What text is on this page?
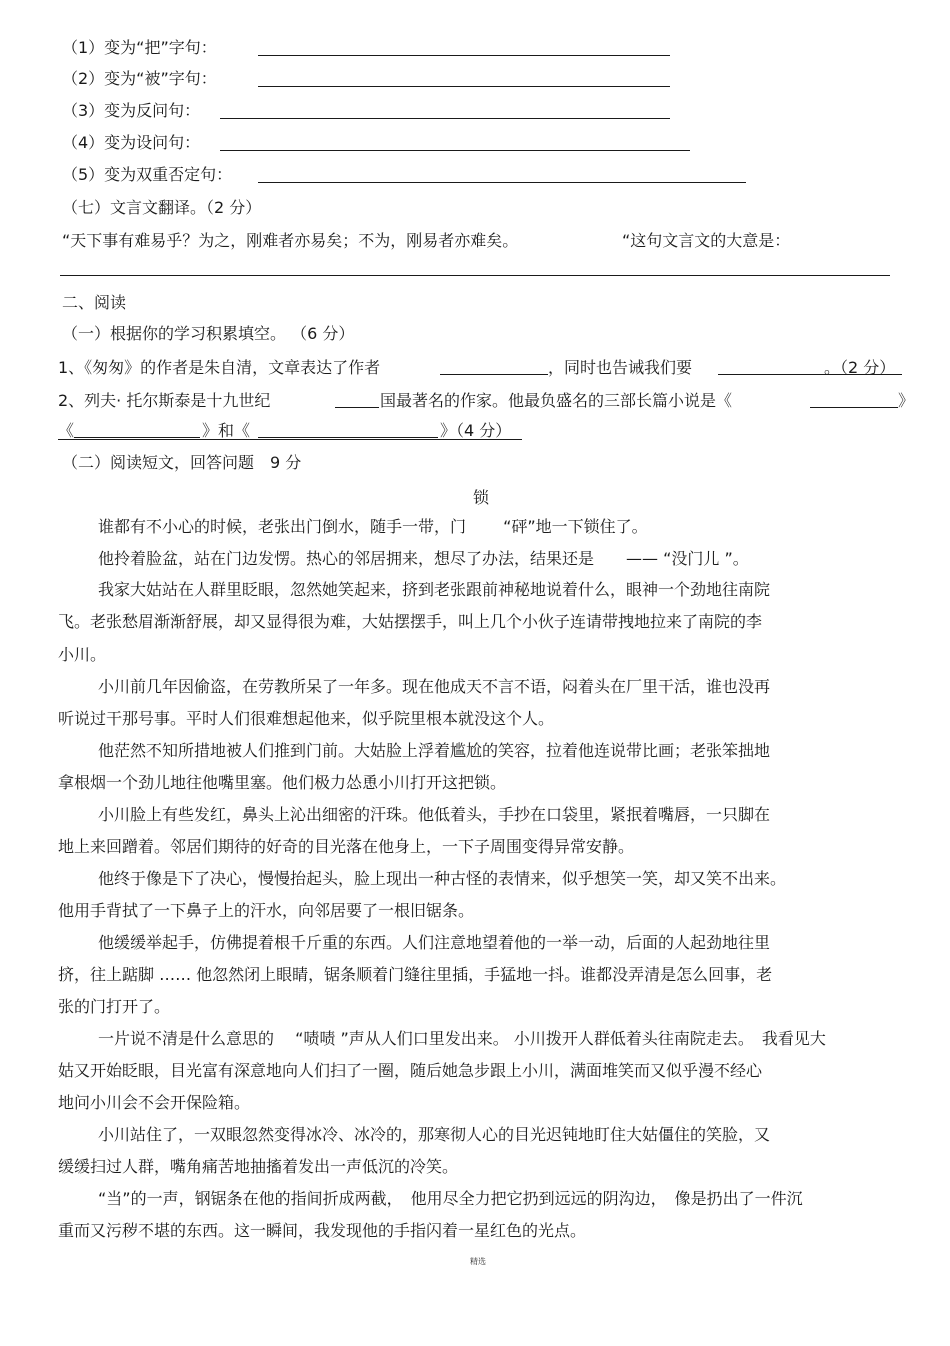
（1）变为“把”字句：
（2）变为“被”字句：
（3）变为反问句：
（4）变为设问句：
（5）变为双重否定句：
（七）文言文翻译。（2 分）
“天下事有难易乎？为之，刚难者亦易矣；不为，刚易者亦难矣。	“这句文言文的大意是：
二、阅读
（一）根据你的学习积累填空。 （6 分）
1、《匆匆》的作者是朱自清，文章表达了作者	，同时也告诫我们要	。（2 分）
2、列夫· 托尔斯泰是十九世纪	国最著名的作家。他最负盛名的三部长篇小说是《	》
《	》和《	》（4 分）
（二）阅读短文，回答问题　9 分
锁
谁都有不小心的时候，老张出门倒水，随手一带，门　　 “砰”地一下锁住了。
他拎着脸盆，站在门边发愣。热心的邻居拥来，想尽了办法，结果还是　　—— “没门儿 ”。
我家大姑站在人群里眨眼，忽然她笑起来，挤到老张跟前神秘地说着什么，眼神一个劲地往南院
飞。老张愁眉渐渐舒展，却又显得很为难，大姑摆摆手，叫上几个小伙子连请带拽地拉来了南院的李
小川。
小川前几年因偷盗，在劳教所呆了一年多。现在他成天不言不语，闷着头在厂里干活，谁也没再
听说过干那号事。平时人们很难想起他来，似乎院里根本就没这个人。
他茫然不知所措地被人们推到门前。大姑脸上浮着尴尬的笑容，拉着他连说带比画；老张笨拙地
拿根烟一个劲儿地往他嘴里塞。他们极力怂恿小川打开这把锁。
小川脸上有些发红，鼻头上沁出细密的汗珠。他低着头，手抄在口袋里，紧抿着嘴唇，一只脚在
地上来回蹭着。邻居们期待的好奇的目光落在他身上，一下子周围变得异常安静。
他终于像是下了决心，慢慢抬起头，脸上现出一种古怪的表情来，似乎想笑一笑，却又笑不出来。
他用手背拭了一下鼻子上的汗水，向邻居要了一根旧锯条。
他缓缓举起手，仿佛提着根千斤重的东西。人们注意地望着他的一举一动，后面的人起劲地往里
挤，往上踮脚 …… 他忽然闭上眼睛，锯条顺着门缝往里插，手猛地一抖。谁都没弄清是怎么回事，老
张的门打开了。
一片说不清是什么意思的　 “啧啧 ”声从人们口里发出来。 小川拨开人群低着头往南院走去。　我看见大
姑又开始眨眼，目光富有深意地向人们扫了一圈，随后她急步跟上小川，满面堆笑而又似乎漫不经心
地问小川会不会开保险箱。
小川站住了，一双眼忽然变得冰冷、冰冷的，那寒彻人心的目光迟钝地盯住大姑僵住的笑脸，又
缓缓扫过人群，嘴角痛苦地抽搐着发出一声低沉的冷笑。
“当”的一声，钢锯条在他的指间折成两截，　他用尽全力把它扔到远远的阴沟边，　像是扔出了一件沉
重而又污秽不堪的东西。这一瞬间，我发现他的手指闪着一星红色的光点。
精选
